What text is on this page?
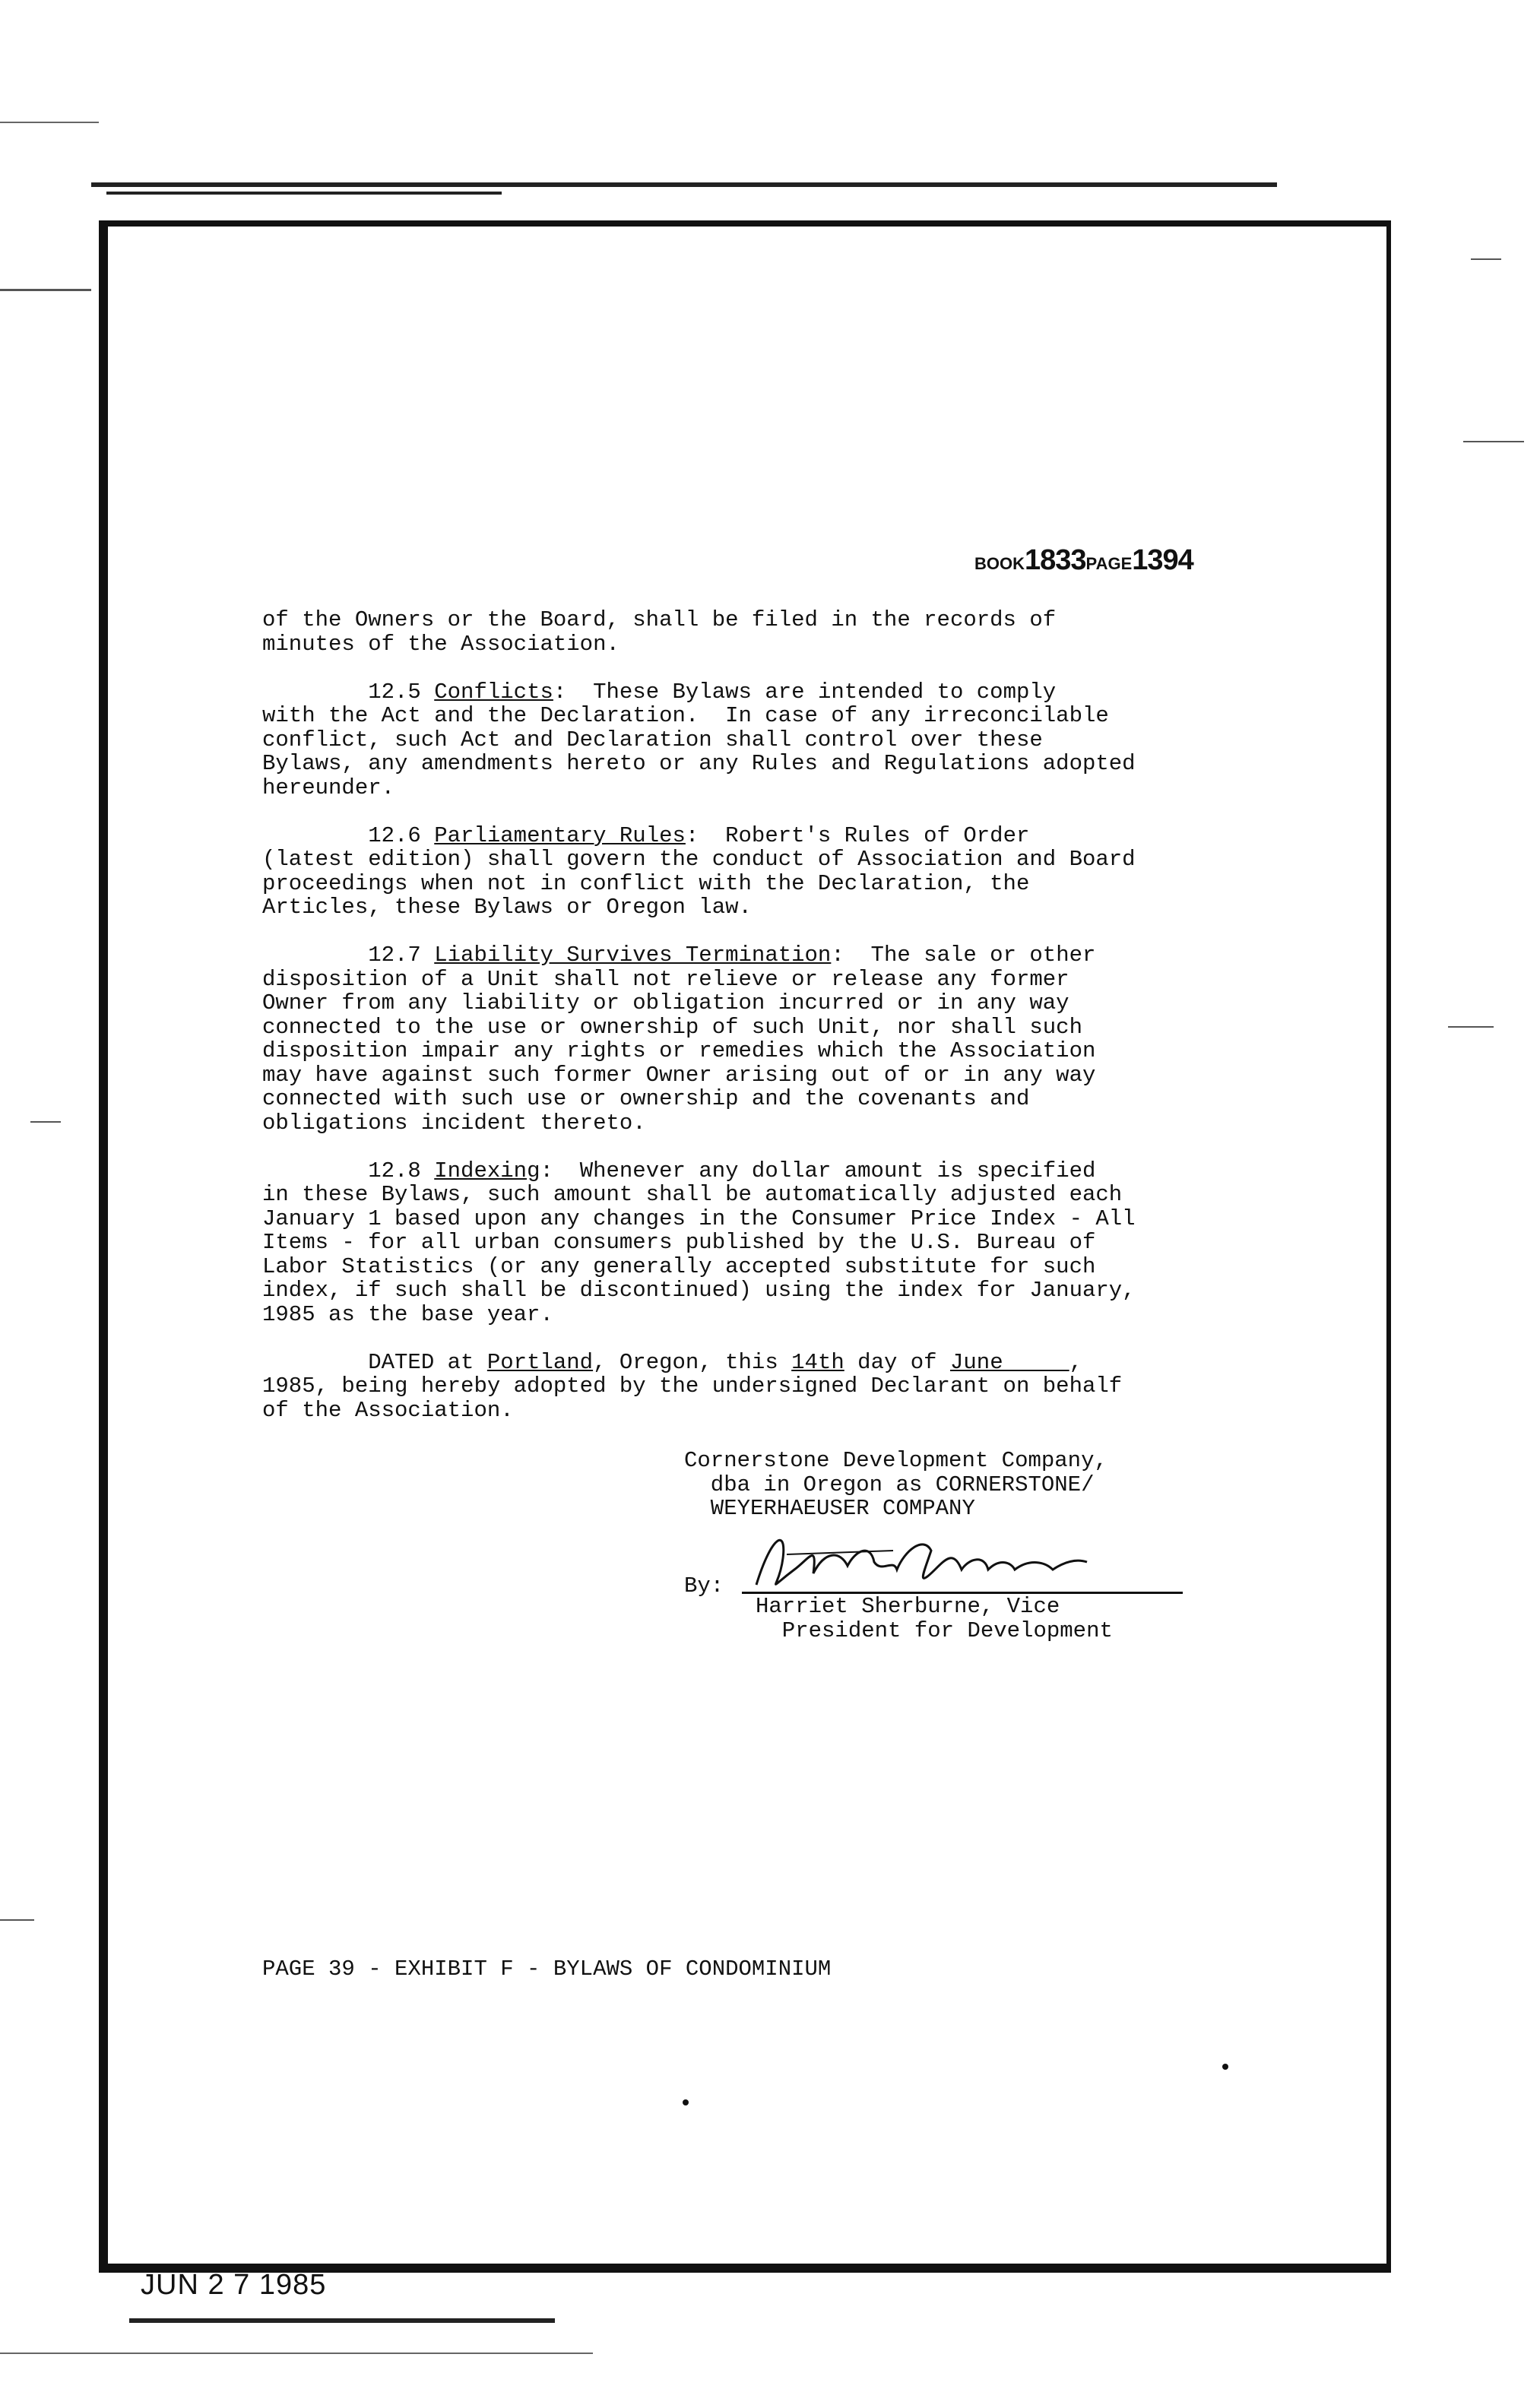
BOOK1833PAGE1394

of the Owners or the Board, shall be filed in the records of
minutes of the Association.

12.5 Conflicts:  These Bylaws are intended to comply
with the Act and the Declaration.  In case of any irreconcilable
conflict, such Act and Declaration shall control over these
Bylaws, any amendments hereto or any Rules and Regulations adopted
hereunder.

12.6 Parliamentary Rules:  Robert's Rules of Order
(latest edition) shall govern the conduct of Association and Board
proceedings when not in conflict with the Declaration, the
Articles, these Bylaws or Oregon law.

12.7 Liability Survives Termination:  The sale or other
disposition of a Unit shall not relieve or release any former
Owner from any liability or obligation incurred or in any way
connected to the use or ownership of such Unit, nor shall such
disposition impair any rights or remedies which the Association
may have against such former Owner arising out of or in any way
connected with such use or ownership and the covenants and
obligations incident thereto.

12.8 Indexing:  Whenever any dollar amount is specified
in these Bylaws, such amount shall be automatically adjusted each
January 1 based upon any changes in the Consumer Price Index - All
Items - for all urban consumers published by the U.S. Bureau of
Labor Statistics (or any generally accepted substitute for such
index, if such shall be discontinued) using the index for January,
1985 as the base year.

DATED at Portland, Oregon, this 14th day of June     ,
1985, being hereby adopted by the undersigned Declarant on behalf
of the Association.

Cornerstone Development Company,
dba in Oregon as CORNERSTONE/
WEYERHAEUSER COMPANY
By:
Harriet Sherburne, Vice
President for Development
PAGE 39 - EXHIBIT F - BYLAWS OF CONDOMINIUM
JUN 2 7 1985
